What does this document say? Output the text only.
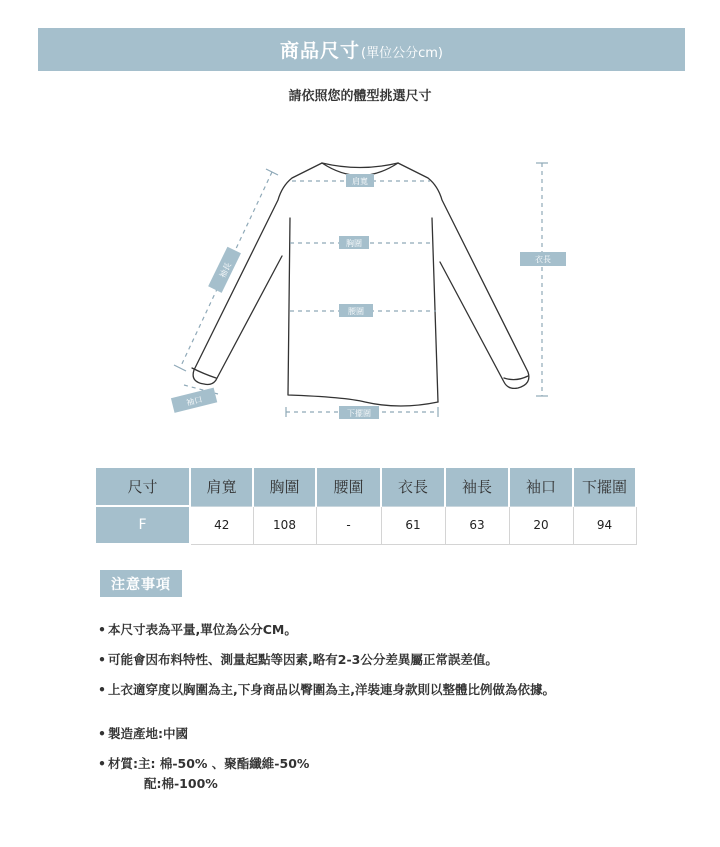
商品尺寸 (單位公分cm)
請依照您的體型挑選尺寸
肩寬
胸圍
腰圍
下擺圍
衣長
袖長
袖口
尺寸	肩寬	胸圍	腰圍	衣長	袖長	袖口	下擺圍
F	42	108	-	61	63	20	94
注意事項
• 本尺寸表為平量,單位為公分CM。
• 可能會因布料特性、測量起點等因素,略有2-3公分差異屬正常誤差值。
• 上衣適穿度以胸圍為主,下身商品以臀圍為主,洋裝連身款則以整體比例做為依據。
• 製造產地:中國
• 材質:主: 棉-50% 、聚酯纖維-50%
配:棉-100%
